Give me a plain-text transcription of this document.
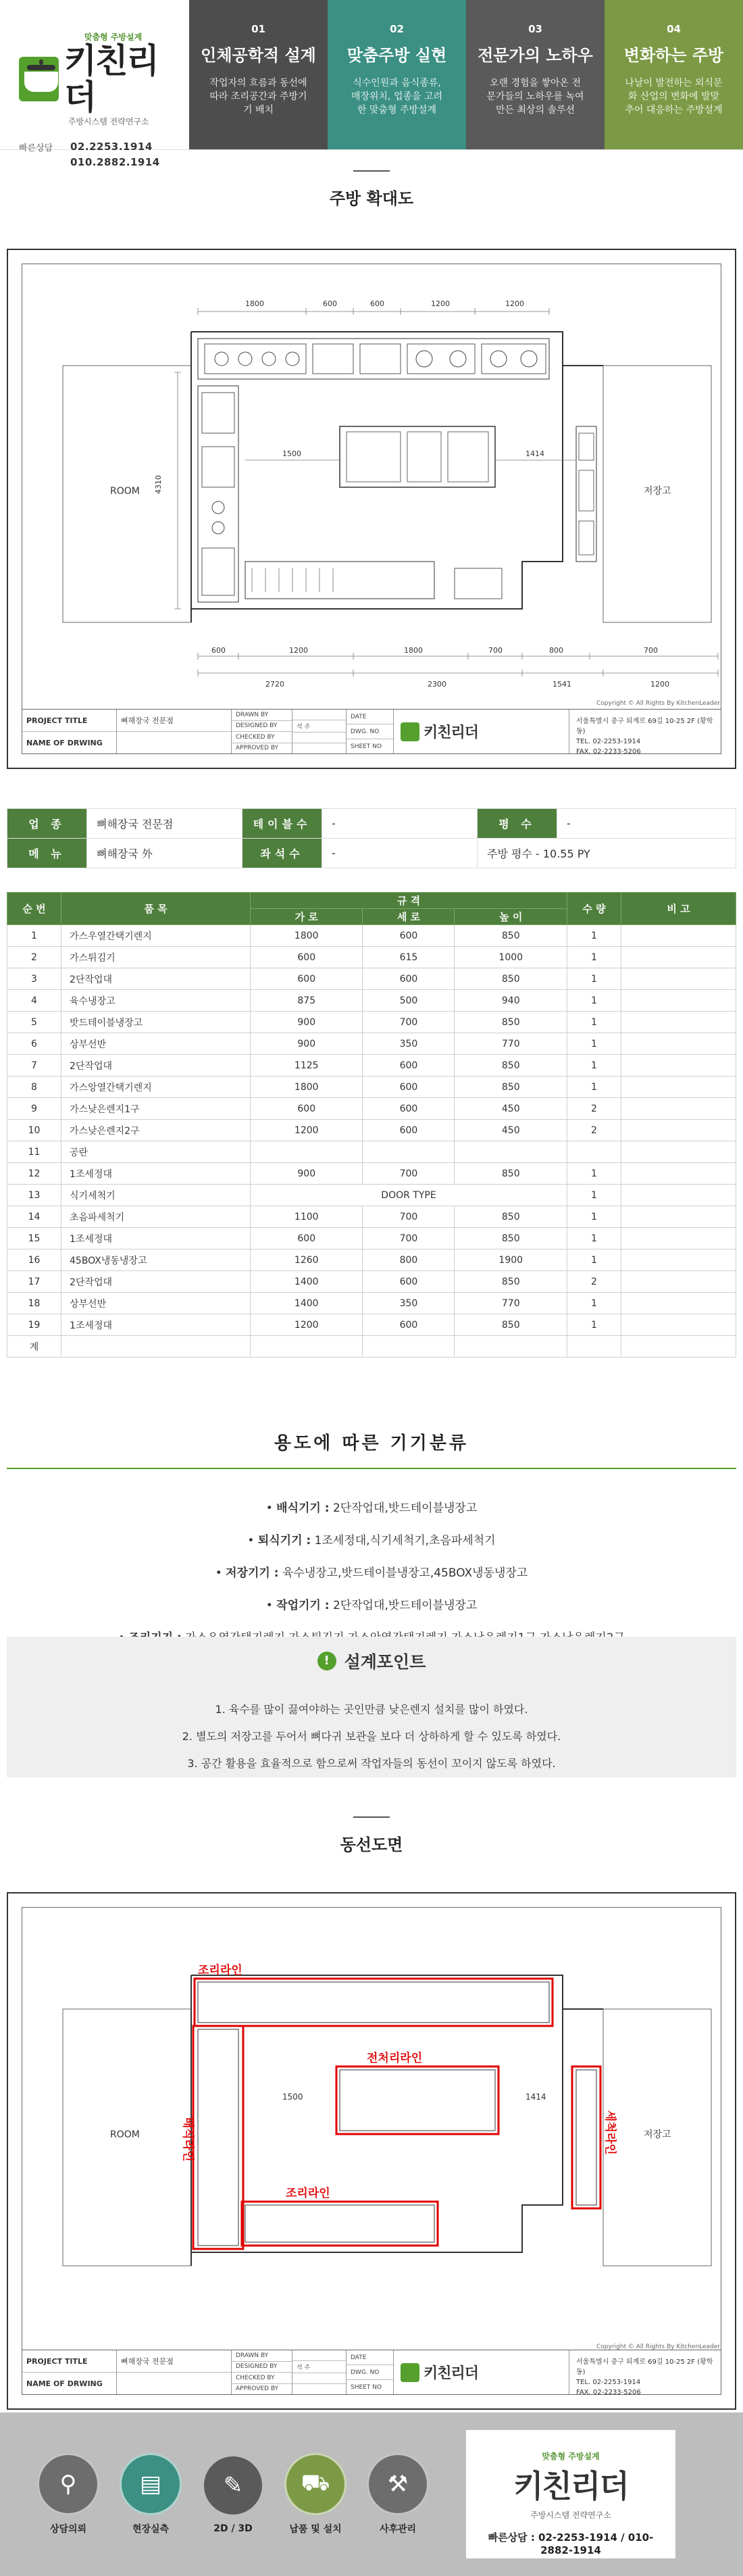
맞춤형 주방설계
키친리더
주방시스템 전략연구소
빠른상담	02.2253.1914
010.2882.1914
01
인체공학적 설계
작업자의 흐름과 동선에 따라 조리공간과 주방기기 배치
02
맞춤주방 실현
식수인원과 음식종류, 매장위치, 업종을 고려한 맞춤형 주방설계
03
전문가의 노하우
오랜 경험을 쌓아온 전문가들의 노하우를 녹여만든 최상의 솔루션
04
변화하는 주방
나날이 발전하는 외식문화 산업의 변화에 발맞추어 대응하는 주방설계
주방 확대도
1800	600	600	1200	1200
4310
1500	1414
600	1200	1800	700	800	700
2720	2300	1541	1200
ROOM	저장고
Copyright © All Rights By KitchenLeader
PROJECT TITLE
NAME OF DRWING
뼈해장국 전문점
DRAWN BY
DESIGNED BY
CHECKED BY
APPROVED BY
석 주
DATE
DWG. NO
SHEET NO
키친리더
서울특별시 중구 퇴계로 69길 10-25 2F (황학동)
TEL. 02-2253-1914
FAX. 02-2233-5206
업 종	뼈해장국 전문점	테이블수	-	평 수	-
메 뉴	뼈해장국 外	좌석수	-	주방 평수 - 10.55 PY	
순 번	품 목	규 격			수 량	비 고
		가 로	세 로	높 이		
1	가스우열간택기렌지	1800	600	850	1	
2	가스튀김기	600	615	1000	1	
3	2단작업대	600	600	850	1	
4	육수냉장고	875	500	940	1	
5	밧드테이블냉장고	900	700	850	1	
6	상부선반	900	350	770	1	
7	2단작업대	1125	600	850	1	
8	가스앙열간택기렌지	1800	600	850	1	
9	가스낮은렌지1구	600	600	450	2	
10	가스낮은렌지2구	1200	600	450	2	
11	공란					
12	1조세정대	900	700	850	1	
13	식기세척기	DOOR TYPE			1	
14	초음파세척기	1100	700	850	1	
15	1조세정대	600	700	850	1	
16	45BOX냉동냉장고	1260	800	1900	1	
17	2단작업대	1400	600	850	2	
18	상부선반	1400	350	770	1	
19	1조세정대	1200	600	850	1	
계						
용도에 따른 기기분류
• 배식기기 : 2단작업대,밧드테이블냉장고
• 퇴식기기 : 1조세정대,식기세척기,초음파세척기
• 저장기기 : 육수냉장고,밧드테이블냉장고,45BOX냉동냉장고
• 작업기기 : 2단작업대,밧드테이블냉장고
! 설계포인트
1. 육수를 많이 끓여야하는 곳인만큼 낮은렌지 설치를 많이 하였다.
2. 별도의 저장고를 두어서 뼈다귀 보관을 보다 더 상하하게 할 수 있도록 하였다.
3. 공간 활용을 효율적으로 함으로써 작업자들의 동선이 꼬이지 않도록 하였다.
동선도면
조리라인
전처리라인
조리라인
배식라인	세척라인
1500	1414
ROOM	저장고
Copyright © All Rights By KitchenLeader
PROJECT TITLE
NAME OF DRWING
뼈해장국 전문점
DRAWN BY
DESIGNED BY
CHECKED BY
APPROVED BY
석 주
DATE
DWG. NO
SHEET NO
키친리더
서울특별시 중구 퇴계로 69길 10-25 2F (황학동)
TEL. 02-2253-1914
FAX. 02-2233-5206
⚲
상담의뢰
▤
현장실측
✎
2D / 3D
⛟
납품 및 설치
⚒
사후관리
맞춤형 주방설계
키친리더
주방시스템 전략연구소
빠른상담 : 02-2253-1914 / 010-2882-1914
